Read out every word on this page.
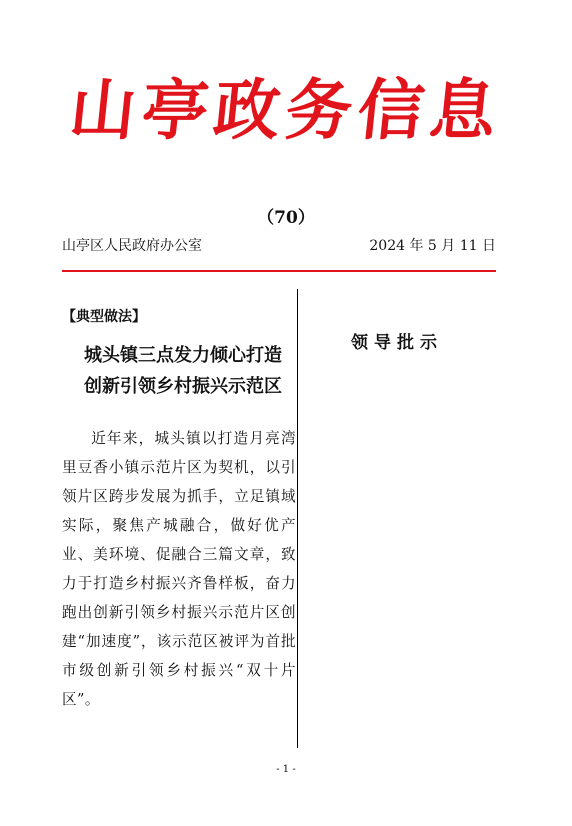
山亭政务信息
（70）
山亭区人民政府办公室	2024 年 5 月 11 日
【典型做法】
城头镇三点发力倾心打造
创新引领乡村振兴示范区
近年来，城头镇以打造月亮湾里豆香小镇示范片区为契机，以引领片区跨步发展为抓手，立足镇域实际，聚焦产城融合，做好优产业、美环境、促融合三篇文章，致力于打造乡村振兴齐鲁样板，奋力跑出创新引领乡村振兴示范片区创建“加速度”，该示范区被评为首批市级创新引领乡村振兴“双十片区”。
领导批示
- 1 -
